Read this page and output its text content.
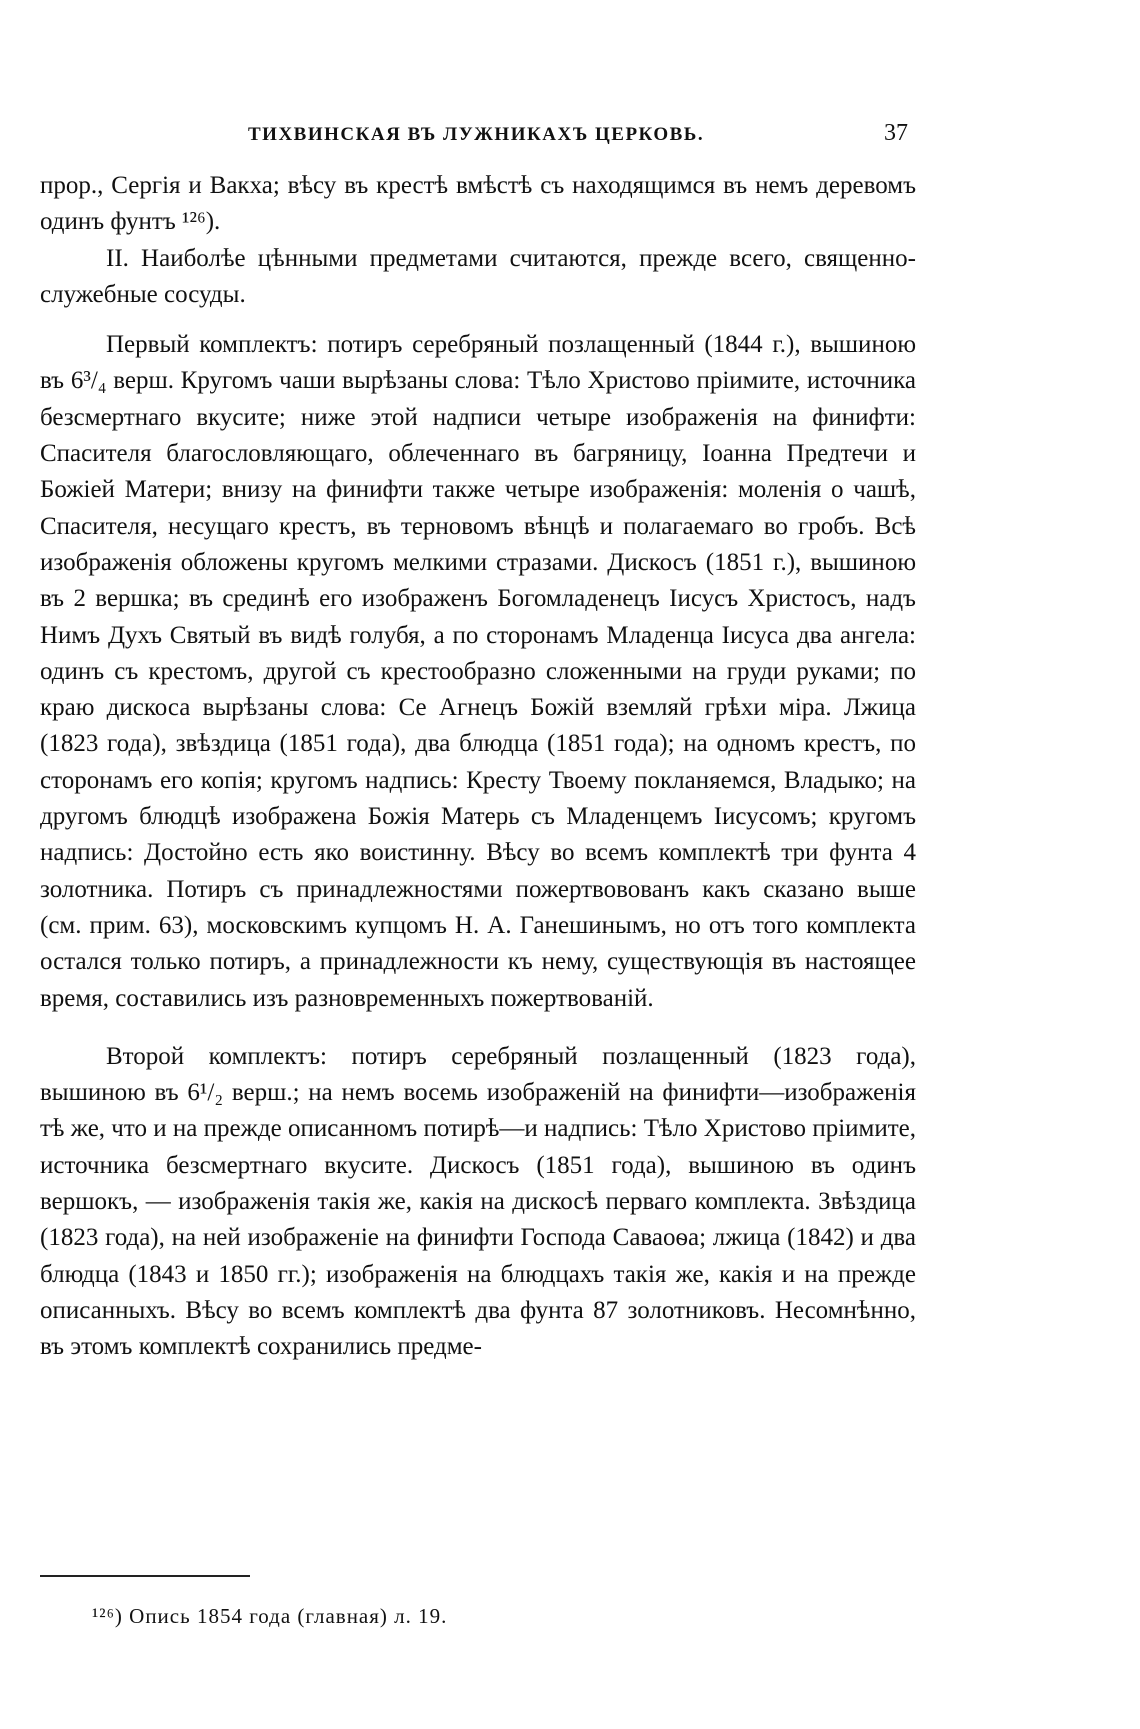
ТИХВИНСКАЯ ВЪ ЛУЖНИКАХЪ ЦЕРКОВЬ.	37

прор., Сергія и Вакха; вѣсу въ крестѣ вмѣстѣ съ находящимся въ немъ деревомъ одинъ фунтъ ¹²⁶).

II. Наиболѣе цѣнными предметами считаются, прежде всего, священно-служебные сосуды.

Первый комплектъ: потиръ серебряный позлащенный (1844 г.), вышиною въ 6³/₄ верш. Кругомъ чаши вырѣзаны слова: Тѣло Христово пріимите, источника безсмертнаго вкусите; ниже этой надписи четыре изображенія на финифти: Спасителя благословляющаго, облеченнаго въ багряницу, Іоанна Предтечи и Божіей Матери; внизу на финифти также четыре изображенія: моленія о чашѣ, Спасителя, несущаго крестъ, въ терновомъ вѣнцѣ и полагаемаго во гробъ. Всѣ изображенія обложены кругомъ мелкими стразами. Дискосъ (1851 г.), вышиною въ 2 вершка; въ срединѣ его изображенъ Богомладенецъ Іисусъ Христосъ, надъ Нимъ Духъ Святый въ видѣ голубя, а по сторонамъ Младенца Іисуса два ангела: одинъ съ крестомъ, другой съ крестообразно сложенными на груди руками; по краю дискоса вырѣзаны слова: Се Агнецъ Божій вземляй грѣхи міра. Лжица (1823 года), звѣздица (1851 года), два блюдца (1851 года); на одномъ крестъ, по сторонамъ его копія; кругомъ надпись: Кресту Твоему покланяемся, Владыко; на другомъ блюдцѣ изображена Божія Матерь съ Младенцемъ Іисусомъ; кругомъ надпись: Достойно есть яко воистинну. Вѣсу во всемъ комплектѣ три фунта 4 золотника. Потиръ съ принадлежностями пожертвовованъ какъ сказано выше (см. прим. 63), московскимъ купцомъ Н. А. Ганешинымъ, но отъ того комплекта остался только потиръ, а принадлежности къ нему, существующія въ настоящее время, составились изъ разновременныхъ пожертвованій.

Второй комплектъ: потиръ серебряный позлащенный (1823 года), вышиною въ 6¹/₂ верш.; на немъ восемь изображеній на финифти—изображенія тѣ же, что и на прежде описанномъ потирѣ—и надпись: Тѣло Христово пріимите, источника безсмертнаго вкусите. Дискосъ (1851 года), вышиною въ одинъ вершокъ, — изображенія такія же, какія на дискосѣ перваго комплекта. Звѣздица (1823 года), на ней изображеніе на финифти Господа Саваоѳа; лжица (1842) и два блюдца (1843 и 1850 гг.); изображенія на блюдцахъ такія же, какія и на прежде описанныхъ. Вѣсу во всемъ комплектѣ два фунта 87 золотниковъ. Несомнѣнно, въ этомъ комплектѣ сохранились предме-

¹²⁶) Опись 1854 года (главная) л. 19.
